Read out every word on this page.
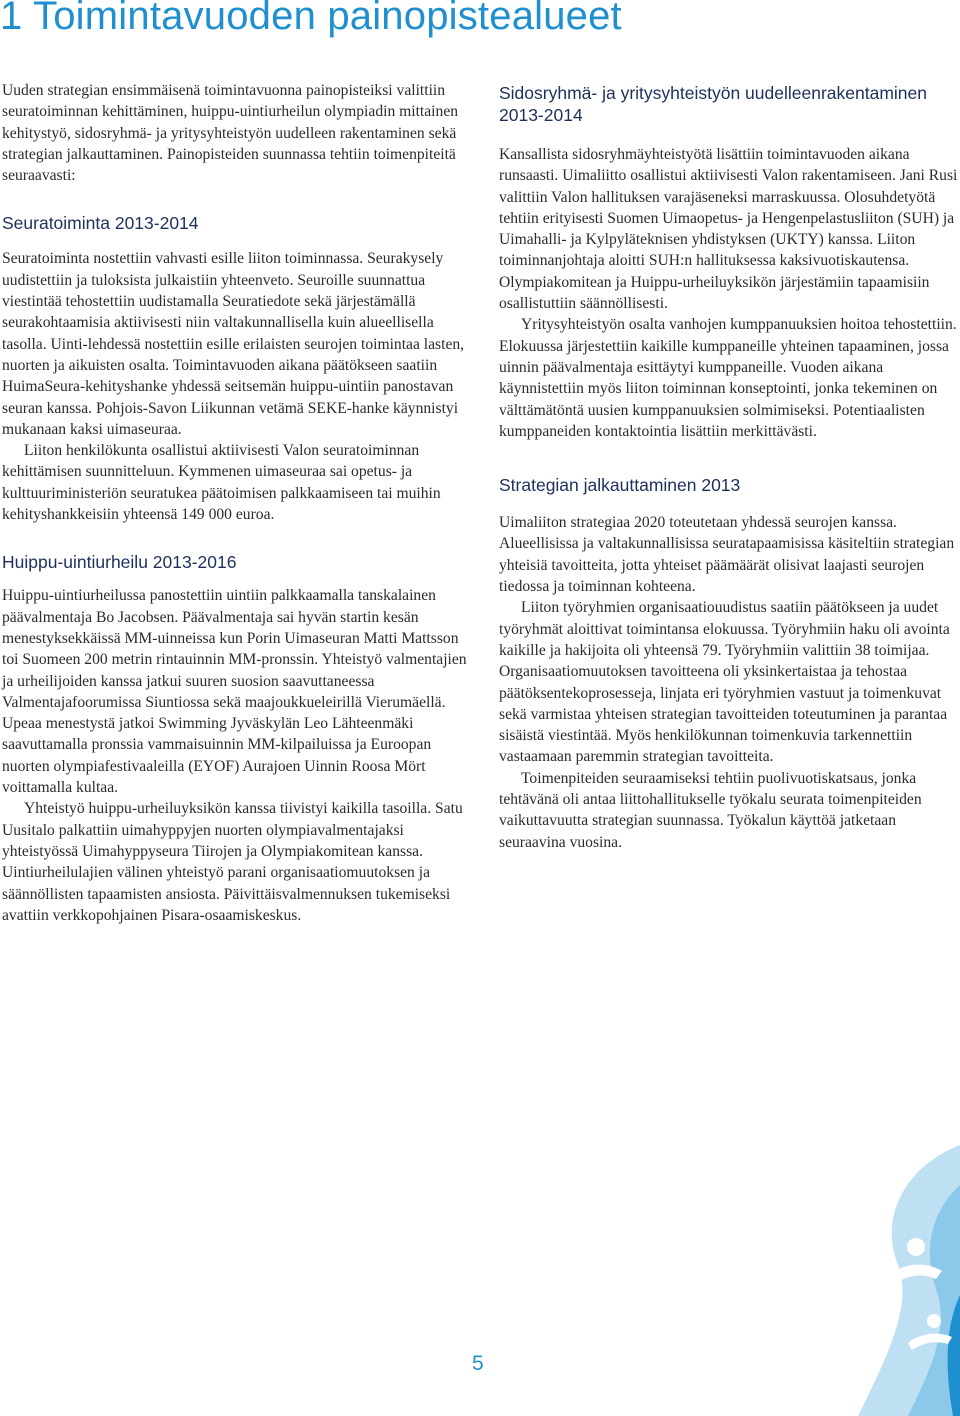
1 Toimintavuoden painopistealueet

Uuden strategian ensimmäisenä toimintavuonna painopisteiksi valittiin seuratoiminnan kehittäminen, huippu-uintiurheilun olympiadin mittainen kehitystyö, sidosryhmä- ja yritysyhteistyön uudelleen rakentaminen sekä strategian jalkauttaminen. Painopisteiden suunnassa tehtiin toimenpiteitä seuraavasti:

Seuratoiminta 2013-2014

Seuratoiminta nostettiin vahvasti esille liiton toiminnassa. Seurakysely uudistettiin ja tuloksista julkaistiin yhteenveto. Seuroille suunnattua viestintää tehostettiin uudistamalla Seuratiedote sekä järjestämällä seurakohtaamisia aktiivisesti niin valtakunnallisella kuin alueellisella tasolla. Uinti-lehdessä nostettiin esille erilaisten seurojen toimintaa lasten, nuorten ja aikuisten osalta. Toimintavuoden aikana päätökseen saatiin HuimaSeura-kehityshanke yhdessä seitsemän huippu-uintiin panostavan seuran kanssa. Pohjois-Savon Liikunnan vetämä SEKE-hanke käynnistyi mukanaan kaksi uimaseuraa.

Liiton henkilökunta osallistui aktiivisesti Valon seuratoiminnan kehittämisen suunnitteluun. Kymmenen uimaseuraa sai opetus- ja kulttuuriministeriön seuratukea päätoimisen palkkaamiseen tai muihin kehityshankkeisiin yhteensä 149 000 euroa.

Huippu-uintiurheilu 2013-2016

Huippu-uintiurheilussa panostettiin uintiin palkkaamalla tanskalainen päävalmentaja Bo Jacobsen. Päävalmentaja sai hyvän startin kesän menestyksekkäissä MM-uinneissa kun Porin Uimaseuran Matti Mattsson toi Suomeen 200 metrin rintauinnin MM-pronssin. Yhteistyö valmentajien ja urheilijoiden kanssa jatkui suuren suosion saavuttaneessa Valmentajafoorumissa Siuntiossa sekä maajoukkueleirillä Vierumäellä. Upeaa menestystä jatkoi Swimming Jyväskylän Leo Lähteenmäki saavuttamalla pronssia vammaisuinnin MM-kilpailuissa ja Euroopan nuorten olympiafestivaaleilla (EYOF) Aurajoen Uinnin Roosa Mört voittamalla kultaa.

Yhteistyö huippu-urheiluyksikön kanssa tiivistyi kaikilla tasoilla. Satu Uusitalo palkattiin uimahyppyjen nuorten olympiavalmentajaksi yhteistyössä Uimahyppyseura Tiirojen ja Olympiakomitean kanssa. Uintiurheilulajien välinen yhteistyö parani organisaatiomuutoksen ja säännöllisten tapaamisten ansiosta. Päivittäisvalmennuksen tukemiseksi avattiin verkkopohjainen Pisara-osaamiskeskus.

Sidosryhmä- ja yritysyhteistyön uudelleenrakentaminen 2013-2014

Kansallista sidosryhmäyhteistyötä lisättiin toimintavuoden aikana runsaasti. Uimaliitto osallistui aktiivisesti Valon rakentamiseen. Jani Rusi valittiin Valon hallituksen varajäseneksi marraskuussa. Olosuhdetyötä tehtiin erityisesti Suomen Uimaopetus- ja Hengenpelastusliiton (SUH) ja Uimahalli- ja Kylpyläteknisen yhdistyksen (UKTY) kanssa. Liiton toiminnanjohtaja aloitti SUH:n hallituksessa kaksivuotiskautensa. Olympiakomitean ja Huippu-urheiluyksikön järjestämiin tapaamisiin osallistuttiin säännöllisesti.

Yritysyhteistyön osalta vanhojen kumppanuuksien hoitoa tehostettiin. Elokuussa järjestettiin kaikille kumppaneille yhteinen tapaaminen, jossa uinnin päävalmentaja esittäytyi kumppaneille. Vuoden aikana käynnistettiin myös liiton toiminnan konseptointi, jonka tekeminen on välttämätöntä uusien kumppanuuksien solmimiseksi. Potentiaalisten kumppaneiden kontaktointia lisättiin merkittävästi.

Strategian jalkauttaminen 2013

Uimaliiton strategiaa 2020 toteutetaan yhdessä seurojen kanssa. Alueellisissa ja valtakunnallisissa seuratapaamisissa käsiteltiin strategian yhteisiä tavoitteita, jotta yhteiset päämäärät olisivat laajasti seurojen tiedossa ja toiminnan kohteena.

Liiton työryhmien organisaatiouudistus saatiin päätökseen ja uudet työryhmät aloittivat toimintansa elokuussa. Työryhmiin haku oli avointa kaikille ja hakijoita oli yhteensä 79. Työryhmiin valittiin 38 toimijaa. Organisaatiomuutoksen tavoitteena oli yksinkertaistaa ja tehostaa päätöksentekoprosesseja, linjata eri työryhmien vastuut ja toimenkuvat sekä varmistaa yhteisen strategian tavoitteiden toteutuminen ja parantaa sisäistä viestintää. Myös henkilökunnan toimenkuvia tarkennettiin vastaamaan paremmin strategian tavoitteita.

Toimenpiteiden seuraamiseksi tehtiin puolivuotiskatsaus, jonka tehtävänä oli antaa liittohallitukselle työkalu seurata toimenpiteiden vaikuttavuutta strategian suunnassa. Työkalun käyttöä jatketaan seuraavina vuosina.

5
